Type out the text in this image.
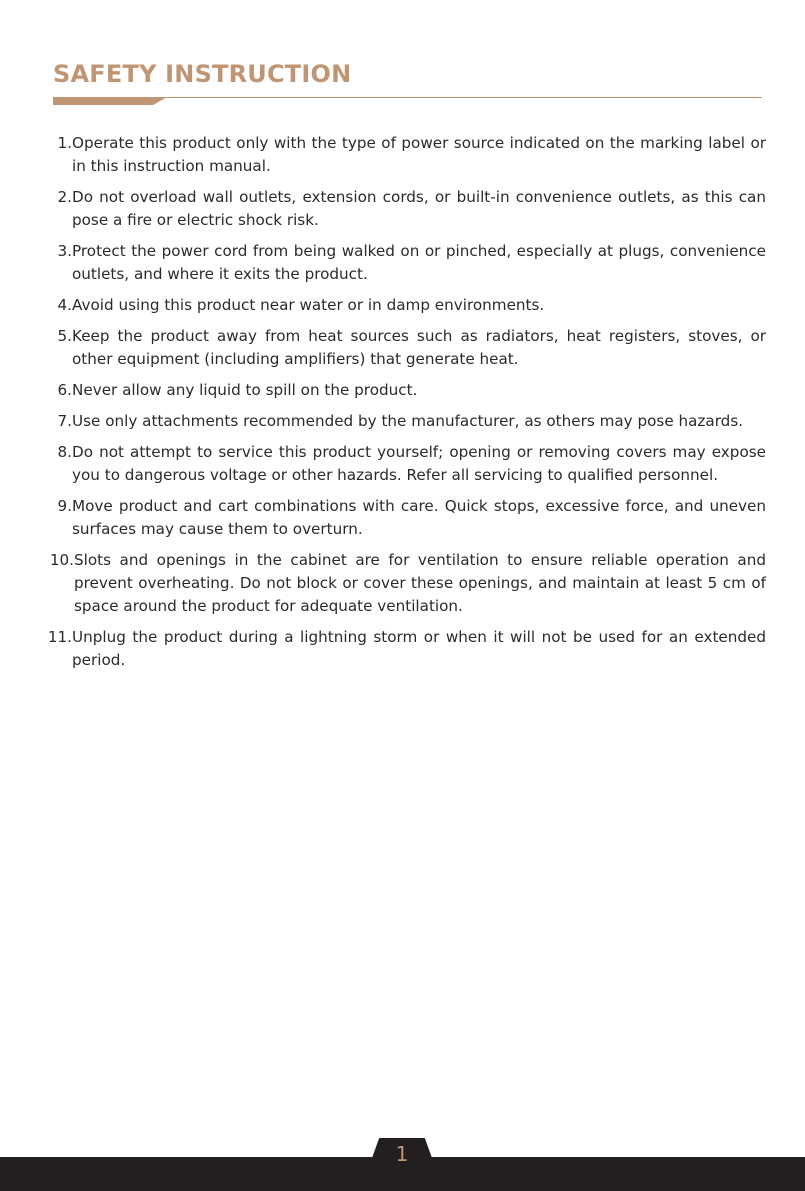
SAFETY INSTRUCTION
1. Operate this product only with the type of power source indicated on the marking label or in this instruction manual.
2. Do not overload wall outlets, extension cords, or built-in convenience outlets, as this can pose a fire or electric shock risk.
3. Protect the power cord from being walked on or pinched, especially at plugs, convenience outlets, and where it exits the product.
4. Avoid using this product near water or in damp environments.
5. Keep the product away from heat sources such as radiators, heat registers, stoves, or other equipment (including amplifiers) that generate heat.
6. Never allow any liquid to spill on the product.
7. Use only attachments recommended by the manufacturer, as others may pose hazards.
8. Do not attempt to service this product yourself; opening or removing covers may expose you to dangerous voltage or other hazards. Refer all servicing to qualified personnel.
9. Move product and cart combinations with care. Quick stops, excessive force, and uneven surfaces may cause them to overturn.
10. Slots and openings in the cabinet are for ventilation to ensure reliable operation and prevent overheating. Do not block or cover these openings, and maintain at least 5 cm of space around the product for adequate ventilation.
11. Unplug the product during a lightning storm or when it will not be used for an extended period.
1
